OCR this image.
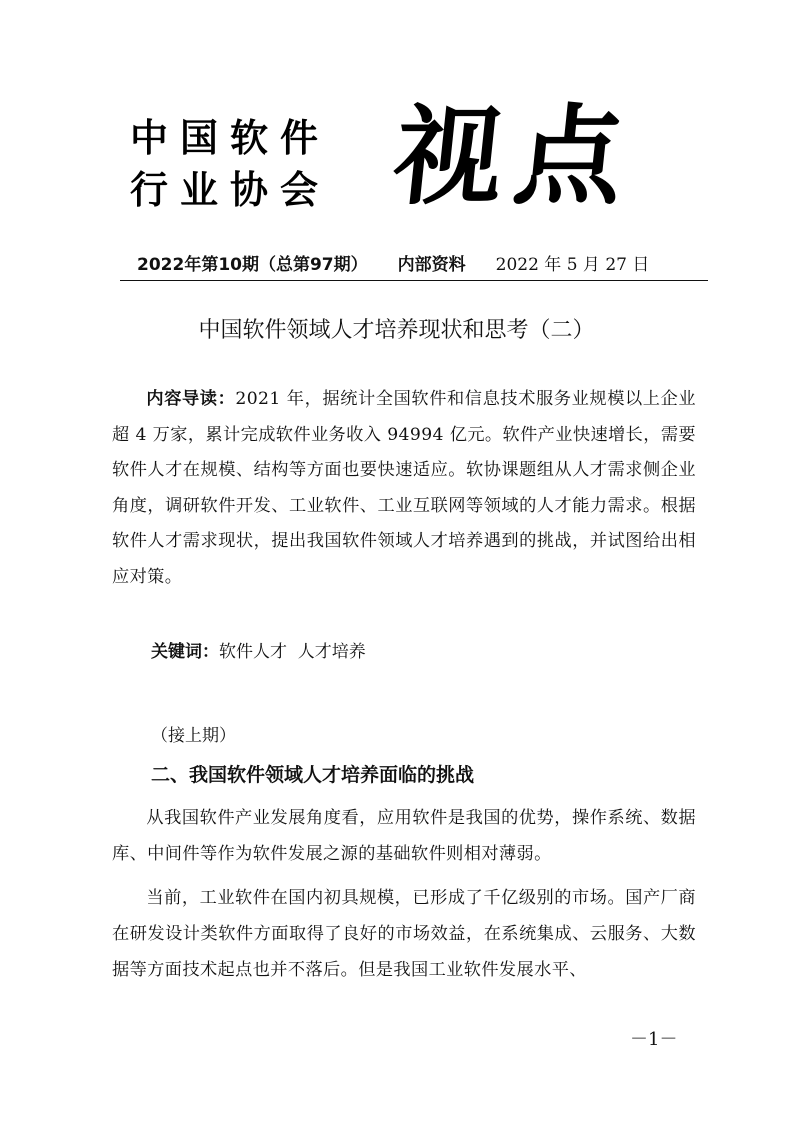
中国软件
行业协会 视点
2022年第10期（总第97期） 内部资料 2022 年 5 月 27 日
中国软件领域人才培养现状和思考（二）
内容导读：2021 年，据统计全国软件和信息技术服务业规模以上企业超 4 万家，累计完成软件业务收入 94994 亿元。软件产业快速增长，需要软件人才在规模、结构等方面也要快速适应。软协课题组从人才需求侧企业角度，调研软件开发、工业软件、工业互联网等领域的人才能力需求。根据软件人才需求现状，提出我国软件领域人才培养遇到的挑战，并试图给出相应对策。
关键词：软件人才  人才培养
（接上期）
二、我国软件领域人才培养面临的挑战
从我国软件产业发展角度看，应用软件是我国的优势，操作系统、数据库、中间件等作为软件发展之源的基础软件则相对薄弱。
当前，工业软件在国内初具规模，已形成了千亿级别的市场。国产厂商在研发设计类软件方面取得了良好的市场效益，在系统集成、云服务、大数据等方面技术起点也并不落后。但是我国工业软件发展水平、
－1－
